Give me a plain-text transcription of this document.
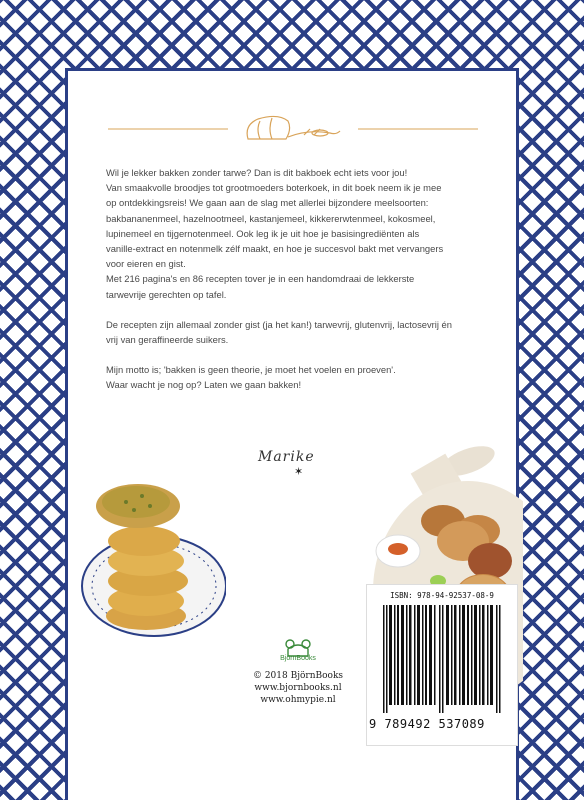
Wil je lekker bakken zonder tarwe? Dan is dit bakboek echt iets voor jou!

Van smaakvolle broodjes tot grootmoeders boterkoek, in dit boek neem ik je mee

op ontdekkingsreis! We gaan aan de slag met allerlei bijzondere meelsoorten:

bakbananenmeel, hazelnootmeel, kastanjemeel, kikkererwtenmeel, kokosmeel,

lupinemeel en tijgernotenmeel. Ook leg ik je uit hoe je basisingrediënten als

vanille-extract en notenmelk zélf maakt, en hoe je succesvol bakt met vervangers

voor eieren en gist.

Met 216 pagina's en 86 recepten tover je in een handomdraai de lekkerste

tarwevrije gerechten op tafel.

De recepten zijn allemaal zonder gist (ja het kan!) tarwevrij, glutenvrij, lactosevrij én

vrij van geraffineerde suikers.

Mijn motto is; 'bakken is geen theorie, je moet het voelen en proeven'.

Waar wacht je nog op? Laten we gaan bakken!

Marike
✶
BjörnBooks
© 2018 BjörnBooks
www.bjornbooks.nl
www.ohmypie.nl
ISBN: 978-94-92537-08-9
9 789492 537089
